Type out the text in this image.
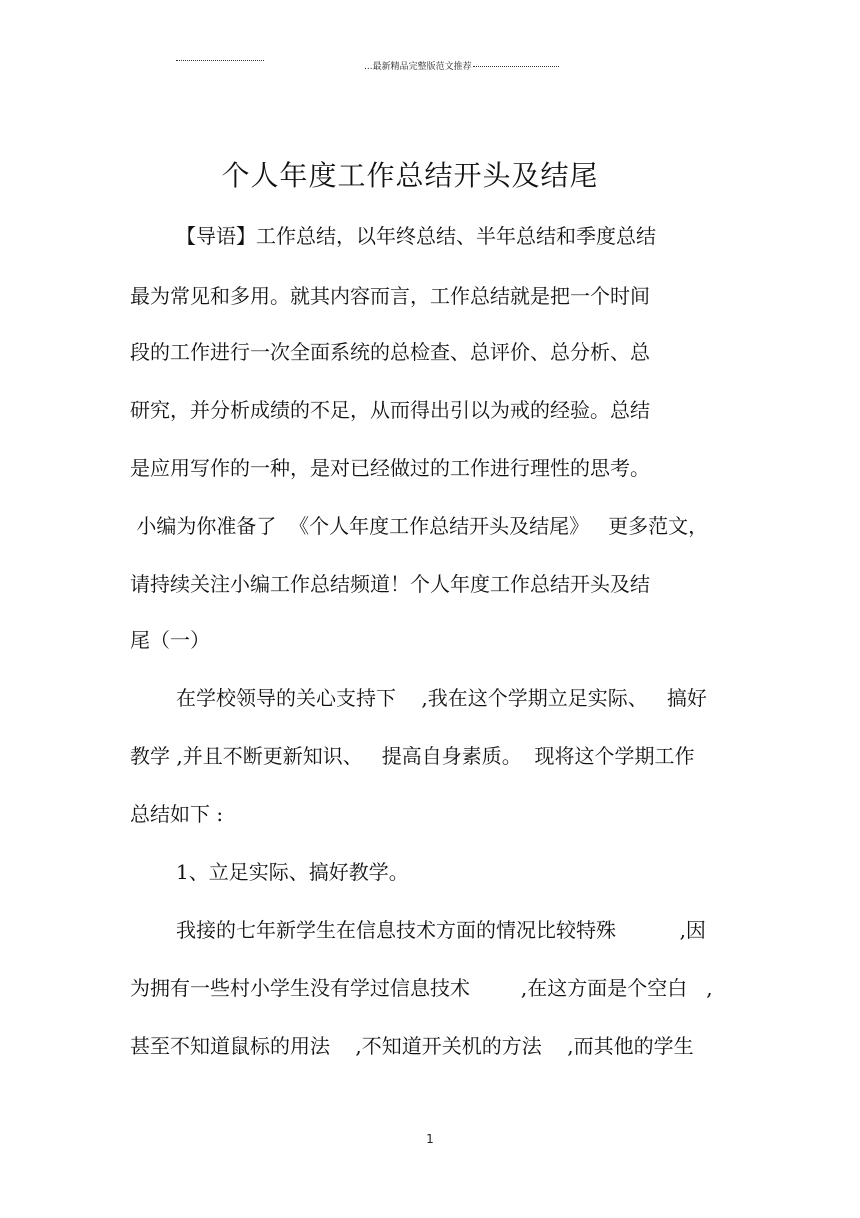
...最新精品完整版范文推荐
个人年度工作总结开头及结尾
【导语】工作总结，以年终总结、半年总结和季度总结
最为常见和多用。就其内容而言，工作总结就是把一个时间
段的工作进行一次全面系统的总检查、总评价、总分析、总
研究，并分析成绩的不足，从而得出引以为戒的经验。总结
是应用写作的一种，是对已经做过的工作进行理性的思考。
小编为你准备了  《个人年度工作总结开头及结尾》   更多范文，
请持续关注小编工作总结频道！个人年度工作总结开头及结
尾（一）
在学校领导的关心支持下    ,我在这个学期立足实际、   搞好
教学 ,并且不断更新知识、   提高自身素质。  现将这个学期工作
总结如下 :
1、立足实际、搞好教学。
我接的七年新学生在信息技术方面的情况比较特殊          ,因
为拥有一些村小学生没有学过信息技术        ,在这方面是个空白   ,
甚至不知道鼠标的用法    ,不知道开关机的方法    ,而其他的学生
1
